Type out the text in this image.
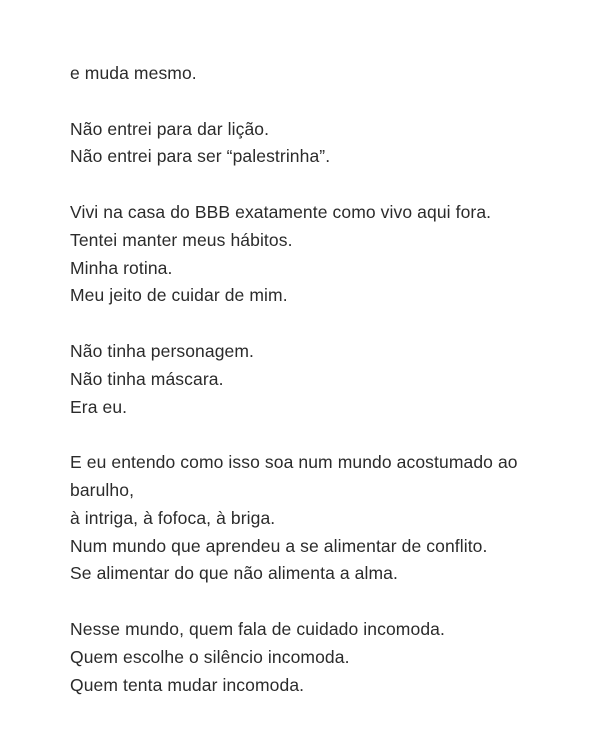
e muda mesmo.
Não entrei para dar lição.
Não entrei para ser “palestrinha”.
Vivi na casa do BBB exatamente como vivo aqui fora.
Tentei manter meus hábitos.
Minha rotina.
Meu jeito de cuidar de mim.
Não tinha personagem.
Não tinha máscara.
Era eu.
E eu entendo como isso soa num mundo acostumado ao barulho,
à intriga, à fofoca, à briga.
Num mundo que aprendeu a se alimentar de conflito.
Se alimentar do que não alimenta a alma.
Nesse mundo, quem fala de cuidado incomoda.
Quem escolhe o silêncio incomoda.
Quem tenta mudar incomoda.
